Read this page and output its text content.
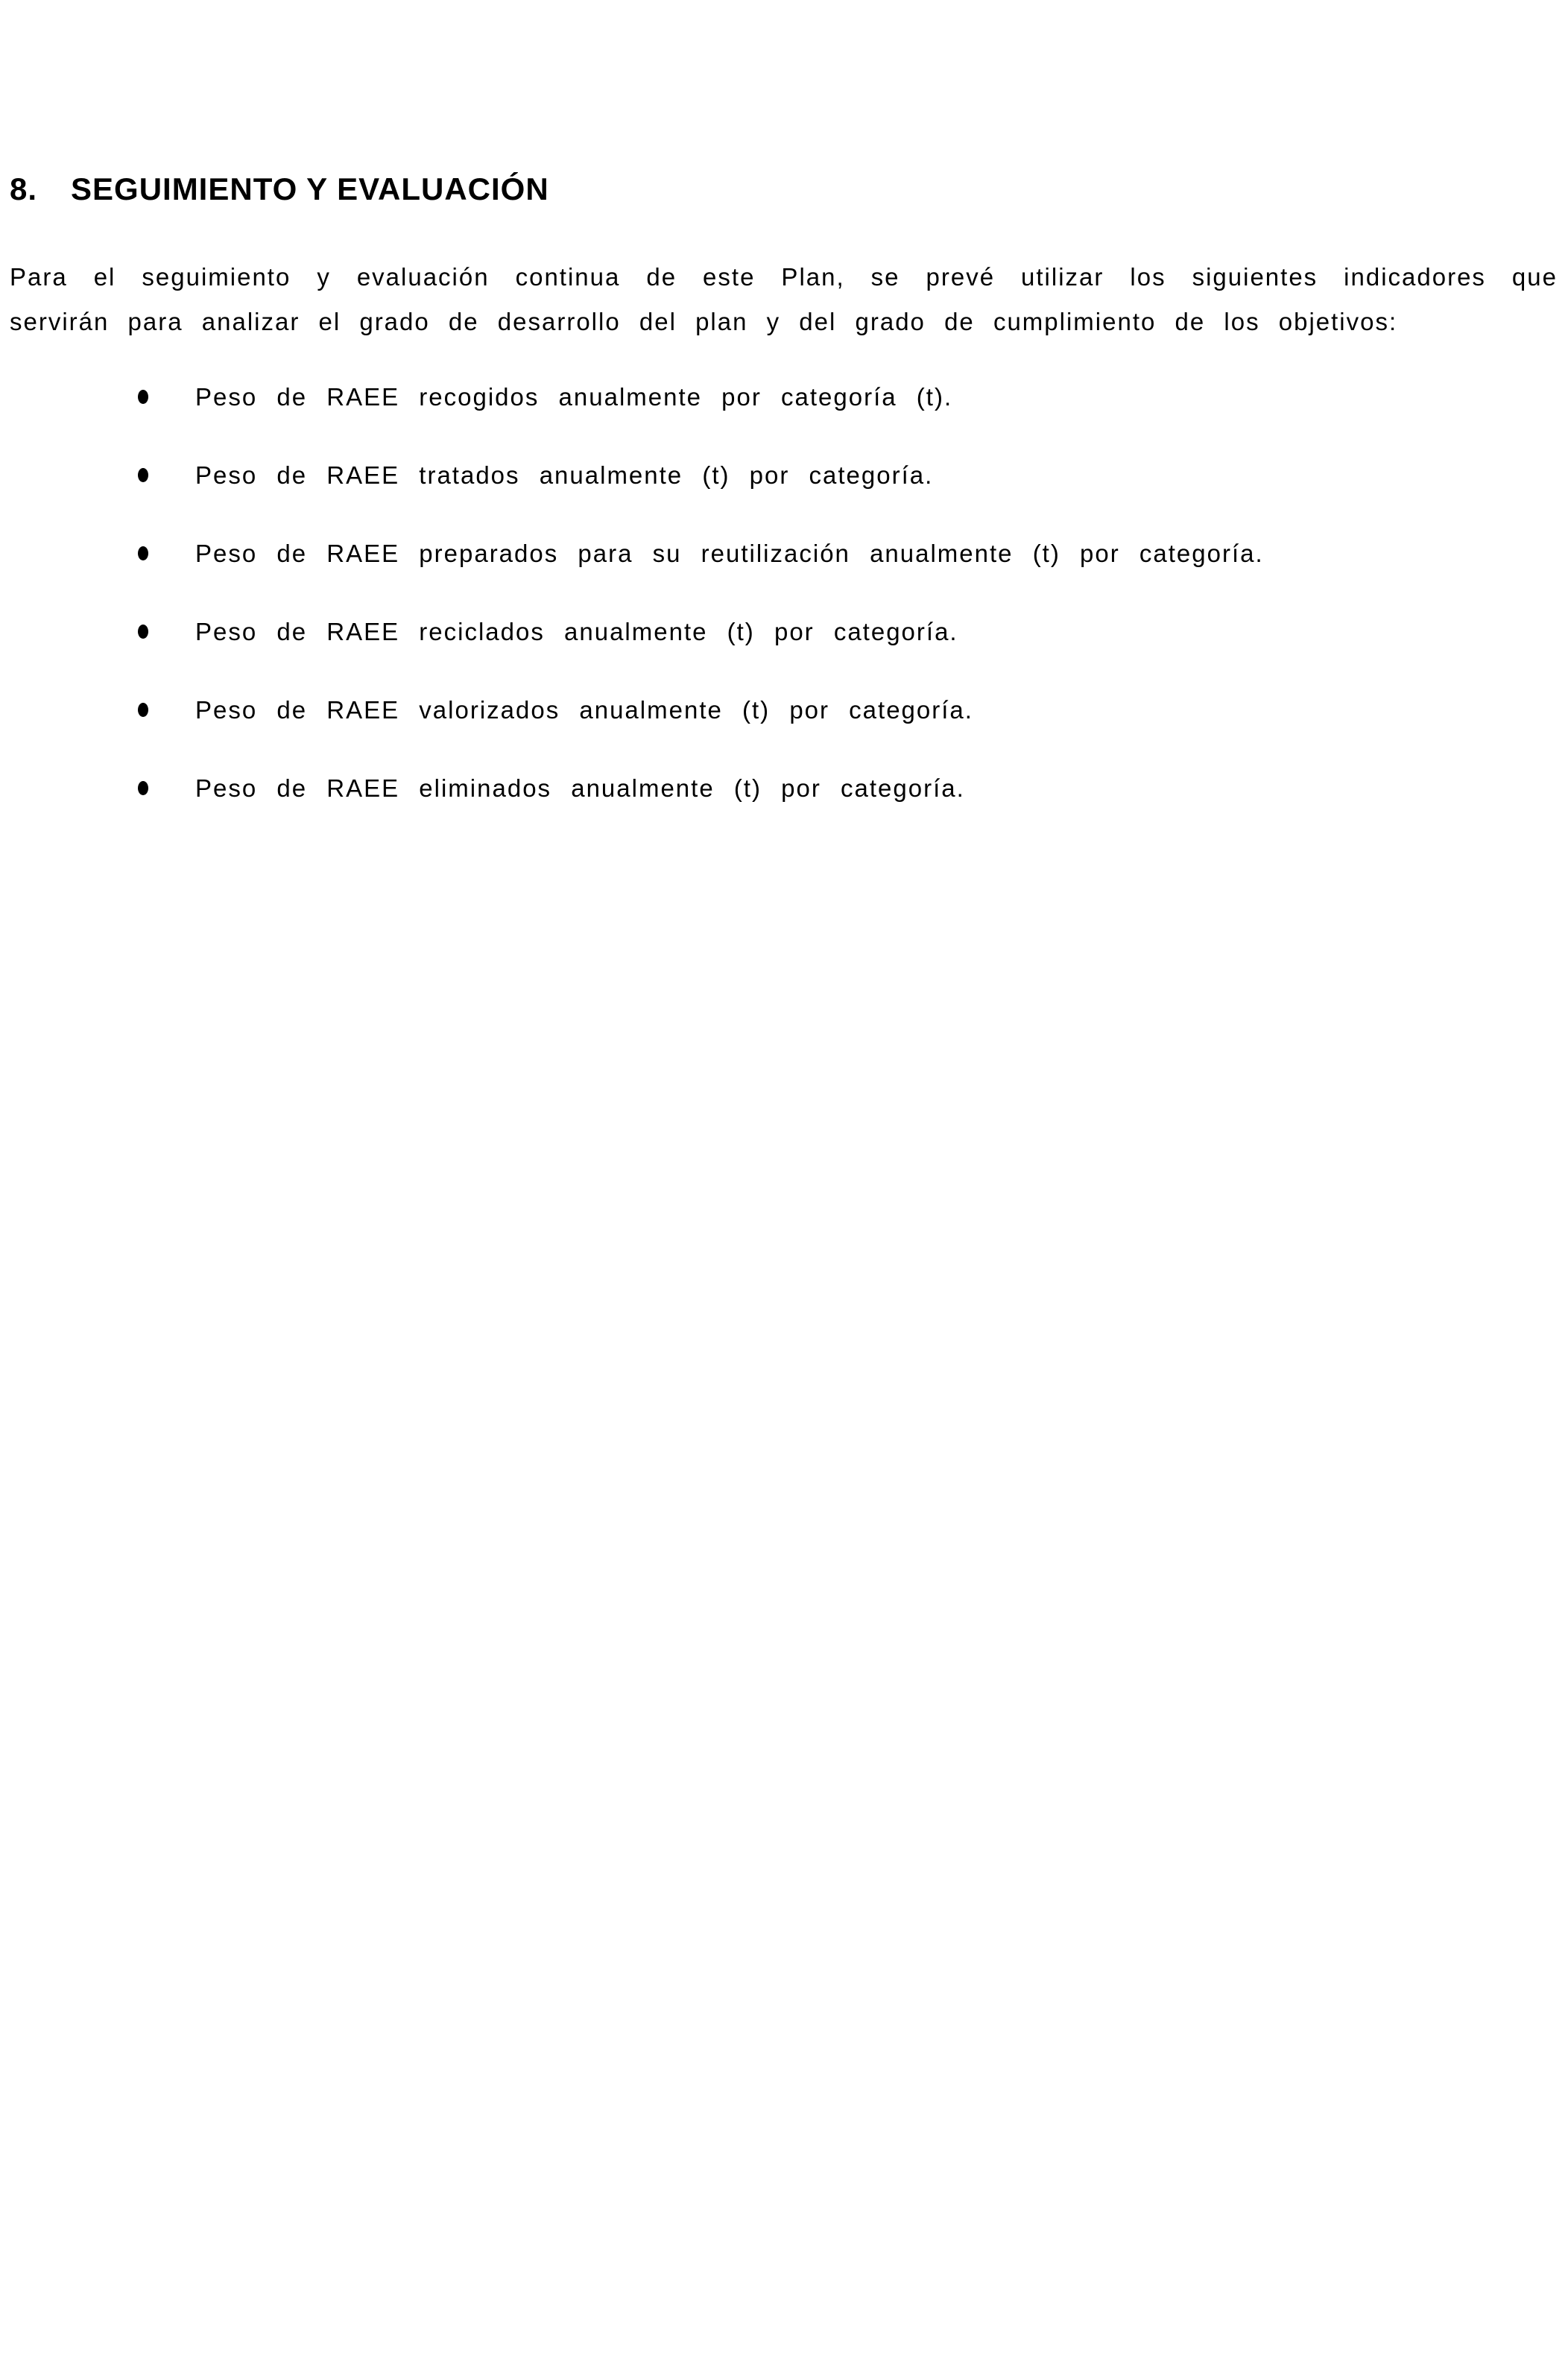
8.	SEGUIMIENTO Y EVALUACIÓN
Para el seguimiento y evaluación continua de este Plan, se prevé utilizar los siguientes indicadores que
servirán para analizar el grado de desarrollo del plan y del grado de cumplimiento de los objetivos:
Peso de RAEE recogidos anualmente por categoría (t).
Peso de RAEE tratados anualmente (t) por categoría.
Peso de RAEE preparados para su reutilización anualmente (t) por categoría.
Peso de RAEE reciclados anualmente (t) por categoría.
Peso de RAEE valorizados anualmente (t) por categoría.
Peso de RAEE eliminados anualmente (t) por categoría.
